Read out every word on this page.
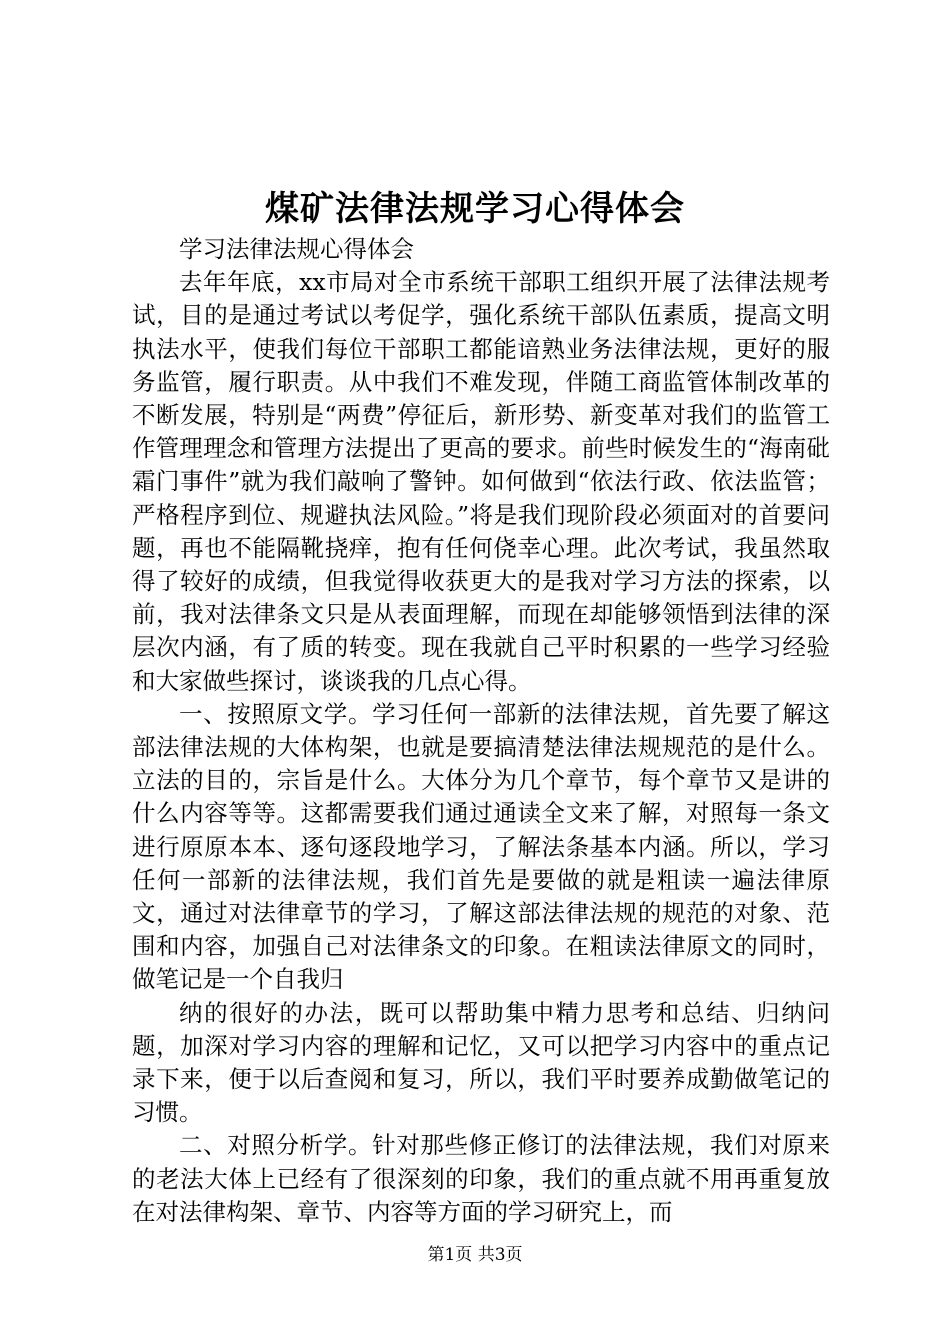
煤矿法律法规学习心得体会

学习法律法规心得体会

去年年底，xx市局对全市系统干部职工组织开展了法律法规考试，目的是通过考试以考促学，强化系统干部队伍素质，提高文明执法水平，使我们每位干部职工都能谙熟业务法律法规，更好的服务监管，履行职责。从中我们不难发现，伴随工商监管体制改革的不断发展，特别是“两费”停征后，新形势、新变革对我们的监管工作管理理念和管理方法提出了更高的要求。前些时候发生的“海南砒霜门事件”就为我们敲响了警钟。如何做到“依法行政、依法监管；严格程序到位、规避执法风险。”将是我们现阶段必须面对的首要问题，再也不能隔靴挠痒，抱有任何侥幸心理。此次考试，我虽然取得了较好的成绩，但我觉得收获更大的是我对学习方法的探索，以前，我对法律条文只是从表面理解，而现在却能够领悟到法律的深层次内涵，有了质的转变。现在我就自己平时积累的一些学习经验和大家做些探讨，谈谈我的几点心得。

一、按照原文学。学习任何一部新的法律法规，首先要了解这部法律法规的大体构架，也就是要搞清楚法律法规规范的是什么。立法的目的，宗旨是什么。大体分为几个章节，每个章节又是讲的什么内容等等。这都需要我们通过通读全文来了解，对照每一条文进行原原本本、逐句逐段地学习，了解法条基本内涵。所以，学习任何一部新的法律法规，我们首先是要做的就是粗读一遍法律原文，通过对法律章节的学习，了解这部法律法规的规范的对象、范围和内容，加强自己对法律条文的印象。在粗读法律原文的同时，做笔记是一个自我归

纳的很好的办法，既可以帮助集中精力思考和总结、归纳问题，加深对学习内容的理解和记忆，又可以把学习内容中的重点记录下来，便于以后查阅和复习，所以，我们平时要养成勤做笔记的习惯。

二、对照分析学。针对那些修正修订的法律法规，我们对原来的老法大体上已经有了很深刻的印象，我们的重点就不用再重复放在对法律构架、章节、内容等方面的学习研究上，而

第1页 共3页
